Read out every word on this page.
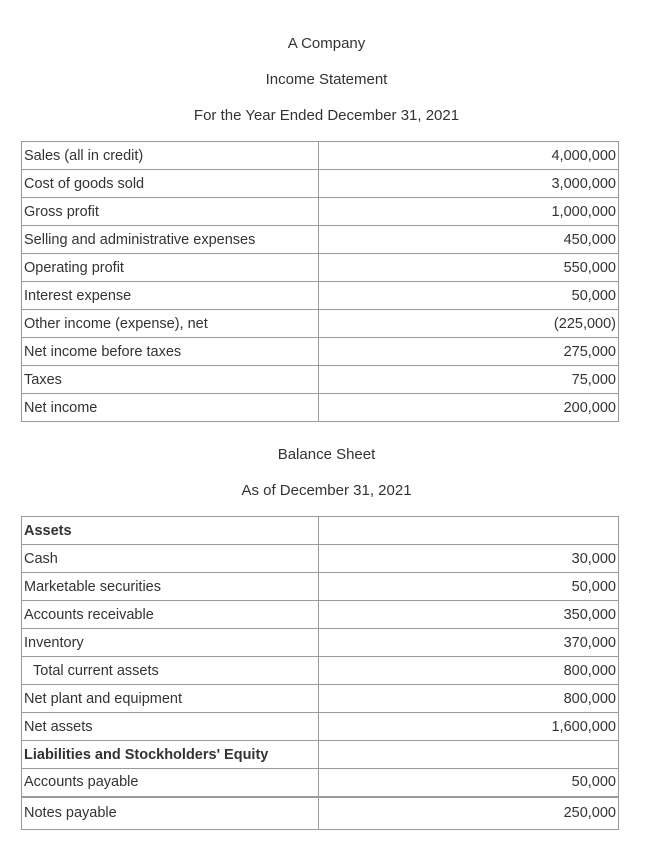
A Company
Income Statement
For the Year Ended December 31, 2021
Sales (all in credit)	4,000,000
Cost of goods sold	3,000,000
Gross profit	1,000,000
Selling and administrative expenses	450,000
Operating profit	550,000
Interest expense	50,000
Other income (expense), net	(225,000)
Net income before taxes	275,000
Taxes	75,000
Net income	200,000
Balance Sheet
As of December 31, 2021
Assets	
Cash	30,000
Marketable securities	50,000
Accounts receivable	350,000
Inventory	370,000
Total current assets	800,000
Net plant and equipment	800,000
Net assets	1,600,000
Liabilities and Stockholders' Equity	
Accounts payable	50,000
Notes payable	250,000
